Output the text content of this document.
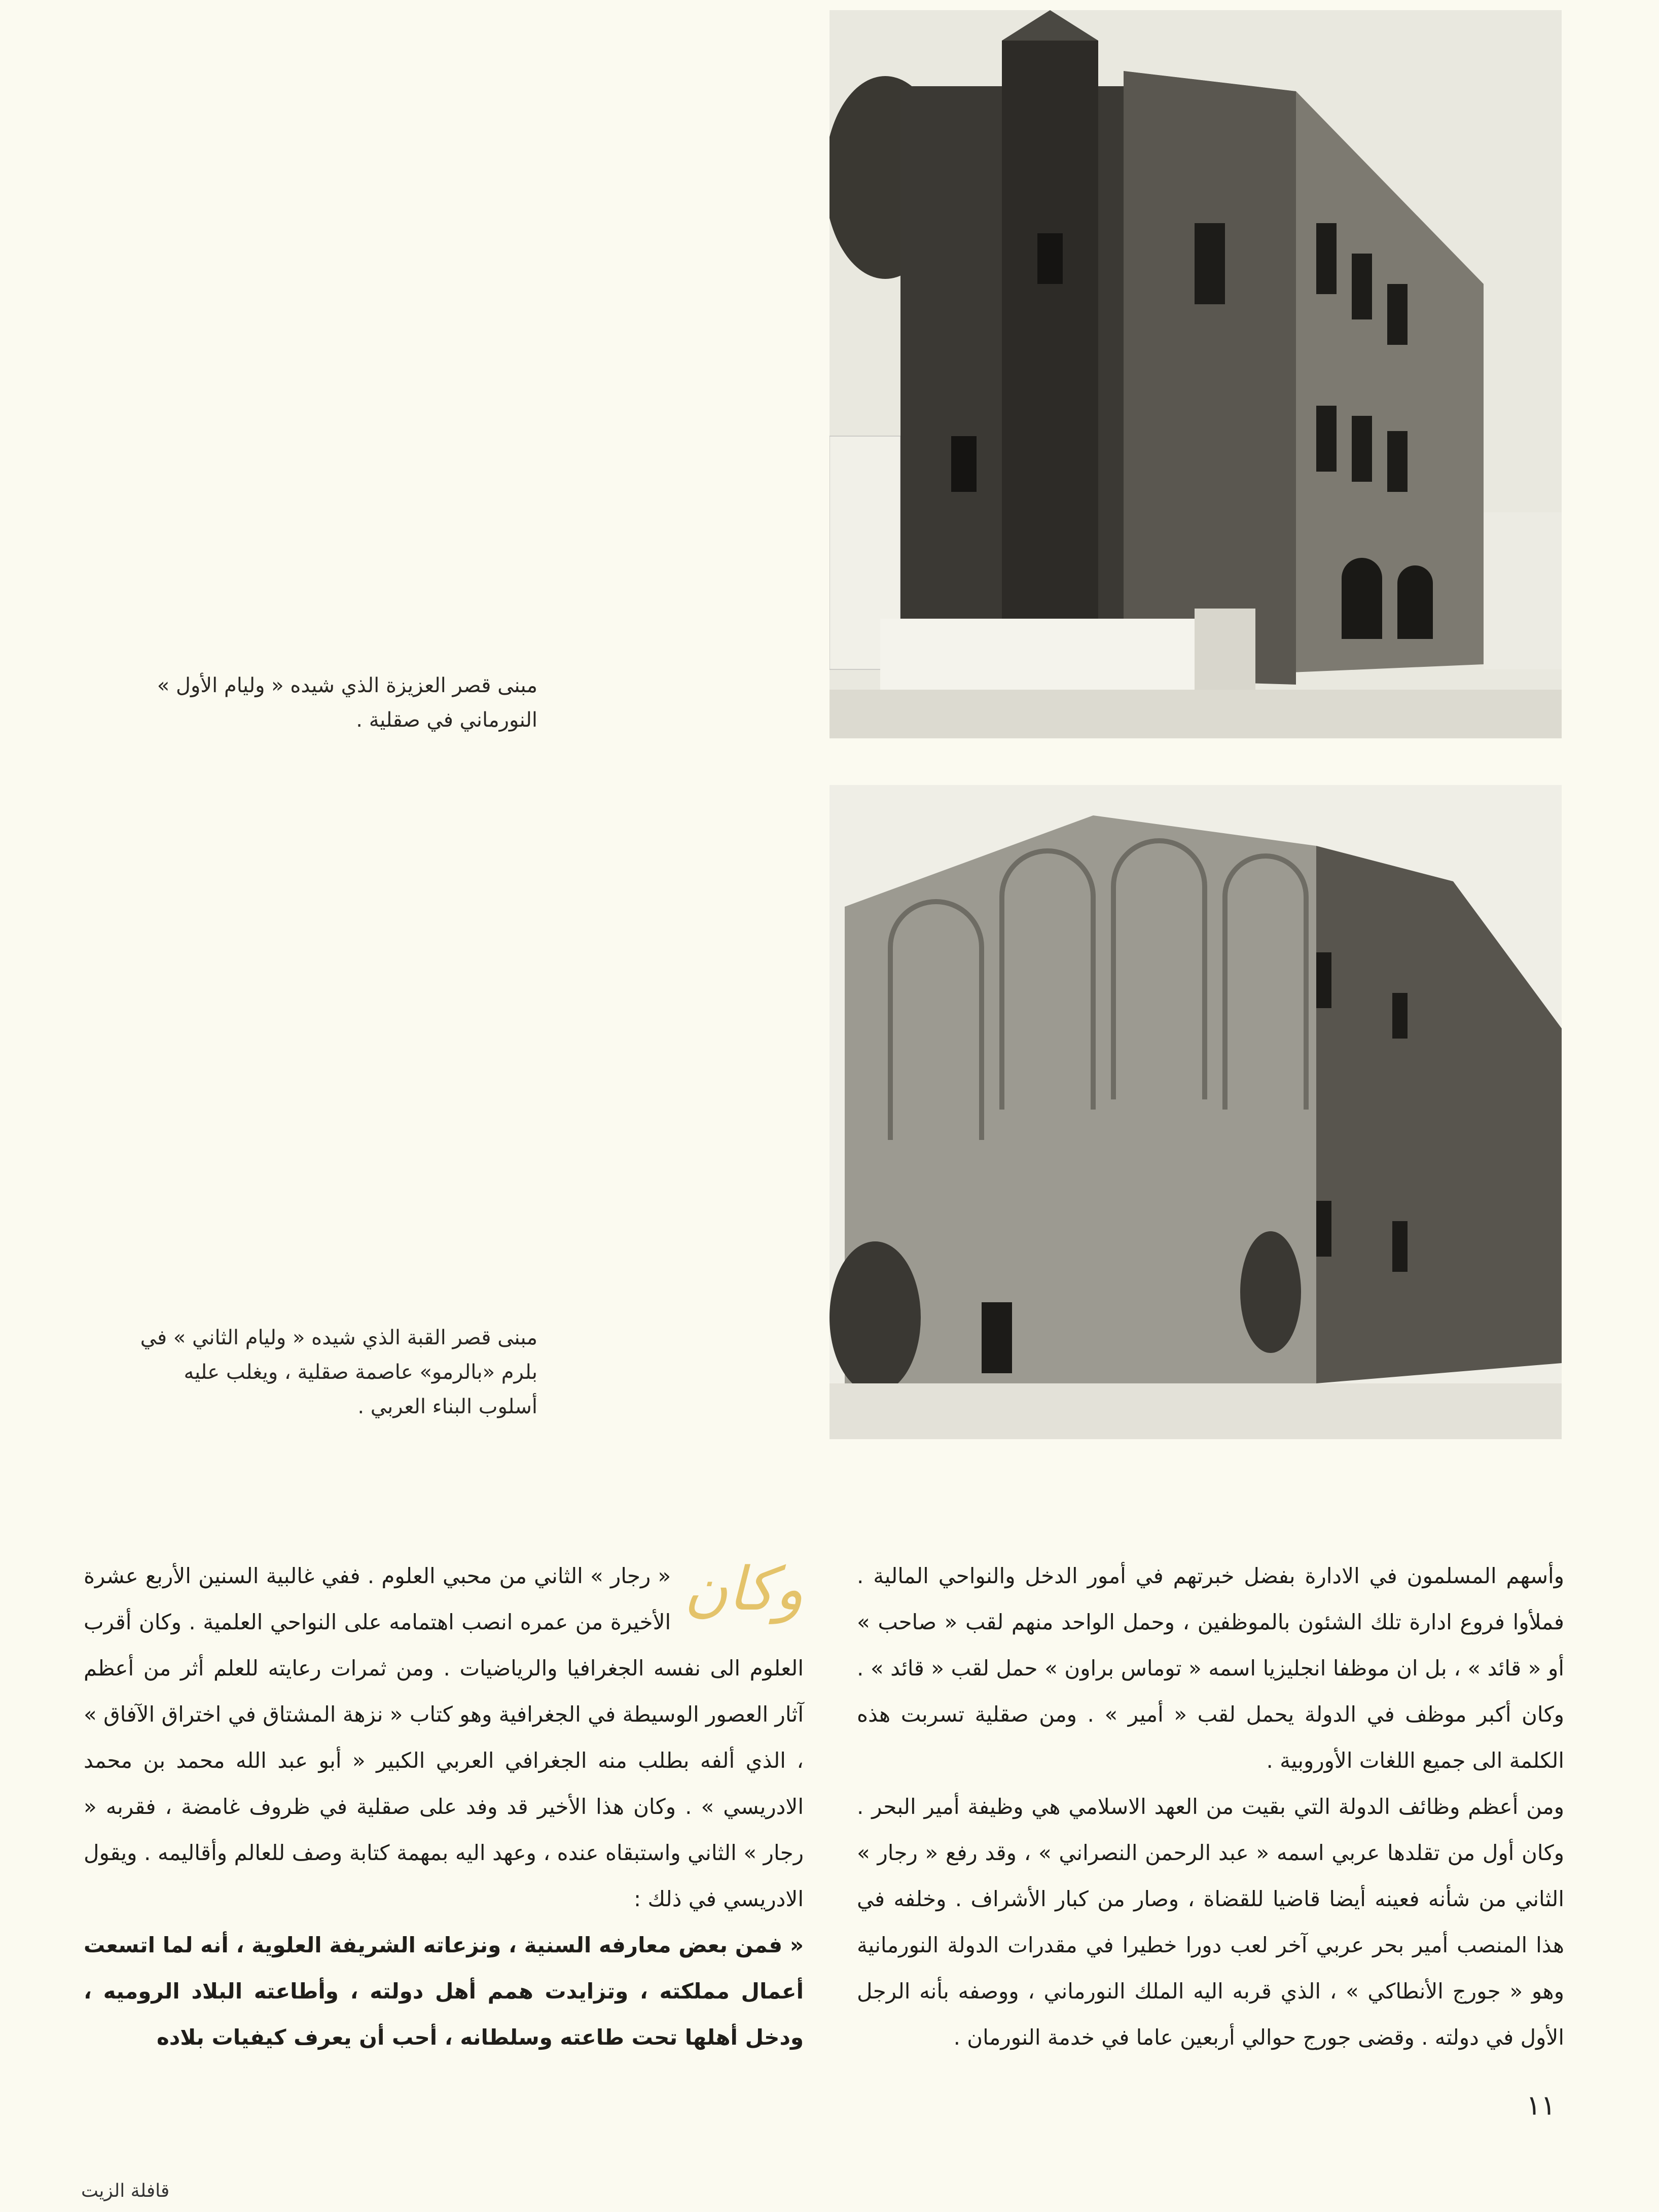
مبنى قصر العزيزة الذي شيده « وليام الأول »

النورماني في صقلية .

مبنى قصر القبة الذي شيده « وليام الثاني » في

بلرم «بالرمو» عاصمة صقلية ، ويغلب عليه

أسلوب البناء العربي .

وأسهم المسلمون في الادارة بفضل خبرتهم في أمور الدخل والنواحي المالية . فملأوا فروع ادارة تلك الشئون بالموظفين ، وحمل الواحد منهم لقب « صاحب » أو « قائد » ، بل ان موظفا انجليزيا اسمه « توماس براون » حمل لقب « قائد » . وكان أكبر موظف في الدولة يحمل لقب « أمير » . ومن صقلية تسربت هذه الكلمة الى جميع اللغات الأوروبية .

ومن أعظم وظائف الدولة التي بقيت من العهد الاسلامي هي وظيفة أمير البحر . وكان أول من تقلدها عربي اسمه « عبد الرحمن النصراني » ، وقد رفع « رجار » الثاني من شأنه فعينه أيضا قاضيا للقضاة ، وصار من كبار الأشراف . وخلفه في هذا المنصب أمير بحر عربي آخر لعب دورا خطيرا في مقدرات الدولة النورمانية وهو « جورج الأنطاكي » ، الذي قربه اليه الملك النورماني ، ووصفه بأنه الرجل الأول في دولته . وقضى جورج حوالي أربعين عاما في خدمة النورمان .

وكان

« رجار » الثاني من محبي العلوم . ففي غالبية السنين الأربع عشرة الأخيرة من عمره انصب اهتمامه على النواحي العلمية . وكان أقرب العلوم الى نفسه الجغرافيا والرياضيات . ومن ثمرات رعايته للعلم أثر من أعظم آثار العصور الوسيطة في الجغرافية وهو كتاب « نزهة المشتاق في اختراق الآفاق » ، الذي ألفه بطلب منه الجغرافي العربي الكبير « أبو عبد الله محمد بن محمد الادريسي » . وكان هذا الأخير قد وفد على صقلية في ظروف غامضة ، فقربه « رجار » الثاني واستبقاه عنده ، وعهد اليه بمهمة كتابة وصف للعالم وأقاليمه . ويقول الادريسي في ذلك :

« فمن بعض معارفه السنية ، ونزعاته الشريفة العلوية ، أنه لما اتسعت أعمال مملكته ، وتزايدت همم أهل دولته ، وأطاعته البلاد الروميه ، ودخل أهلها تحت طاعته وسلطانه ، أحب أن يعرف كيفيات بلاده

١١
قافلة الزيت
